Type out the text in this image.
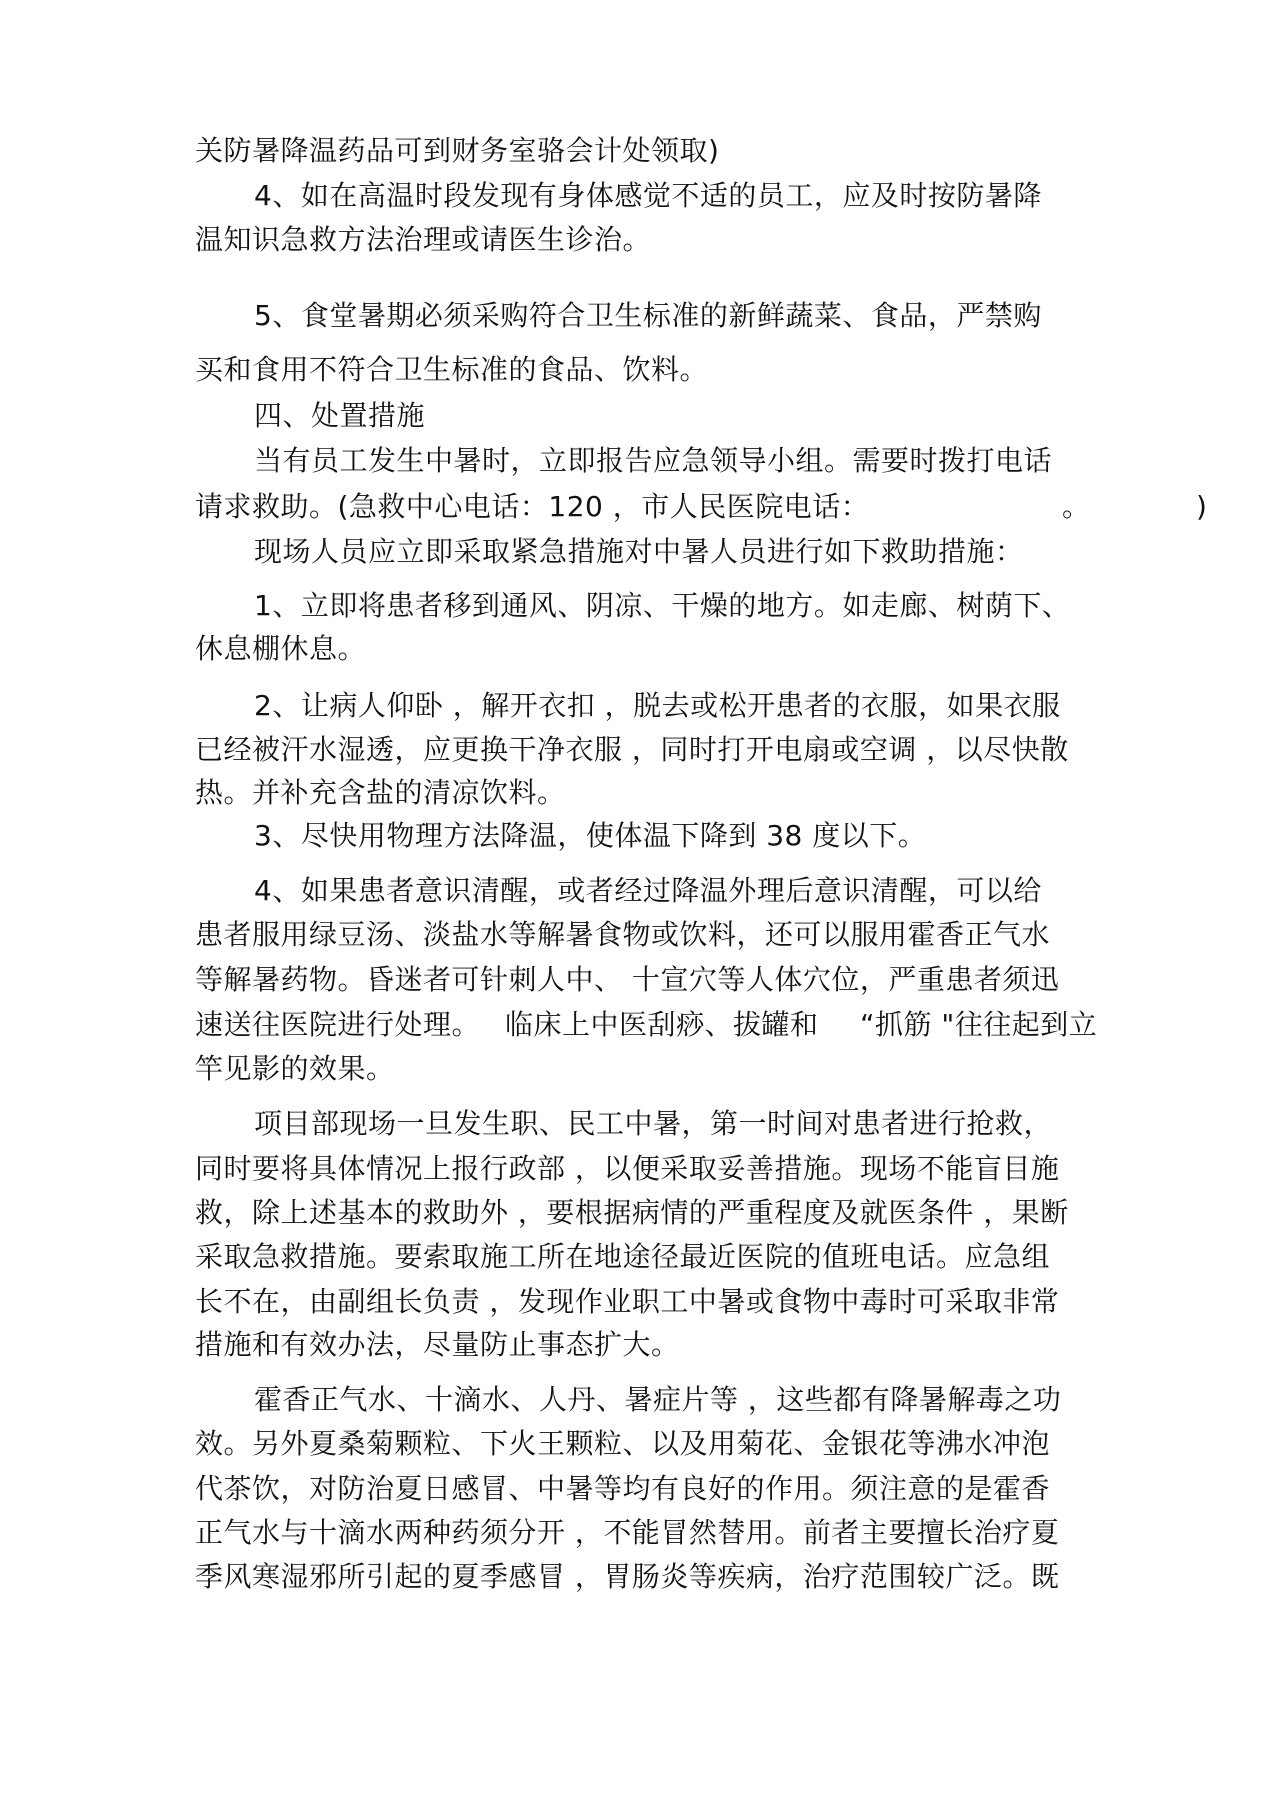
关防暑降温药品可到财务室骆会计处领取)
4、如在高温时段发现有身体感觉不适的员工，应及时按防暑降
温知识急救方法治理或请医生诊治。
5、食堂暑期必须采购符合卫生标准的新鲜蔬菜、食品，严禁购
买和食用不符合卫生标准的食品、饮料。
四、处置措施
当有员工发生中暑时，立即报告应急领导小组。需要时拨打电话
请求救助。(急救中心电话：120 ，市人民医院电话：	。	)
现场人员应立即采取紧急措施对中暑人员进行如下救助措施：
1、立即将患者移到通风、阴凉、干燥的地方。如走廊、树荫下、
休息棚休息。
2、让病人仰卧 ，解开衣扣 ，脱去或松开患者的衣服，如果衣服
已经被汗水湿透，应更换干净衣服 ，同时打开电扇或空调 ，以尽快散
热。并补充含盐的清凉饮料。
3、尽快用物理方法降温，使体温下降到 38 度以下。
4、如果患者意识清醒，或者经过降温外理后意识清醒，可以给
患者服用绿豆汤、淡盐水等解暑食物或饮料，还可以服用霍香正气水
等解暑药物。昏迷者可针刺人中、 十宣穴等人体穴位，严重患者须迅
速送往医院进行处理。 临床上中医刮痧、拔罐和 “抓筋 "往往起到立
竿见影的效果。
项目部现场一旦发生职、民工中暑，第一时间对患者进行抢救，
同时要将具体情况上报行政部 ，以便采取妥善措施。现场不能盲目施
救，除上述基本的救助外 ，要根据病情的严重程度及就医条件 ，果断
采取急救措施。要索取施工所在地途径最近医院的值班电话。应急组
长不在，由副组长负责 ，发现作业职工中暑或食物中毒时可采取非常
措施和有效办法，尽量防止事态扩大。
霍香正气水、十滴水、人丹、暑症片等 ，这些都有降暑解毒之功
效。另外夏桑菊颗粒、下火王颗粒、以及用菊花、金银花等沸水冲泡
代茶饮，对防治夏日感冒、中暑等均有良好的作用。须注意的是霍香
正气水与十滴水两种药须分开 ，不能冒然替用。前者主要擅长治疗夏
季风寒湿邪所引起的夏季感冒 ，胃肠炎等疾病，治疗范围较广泛。既
